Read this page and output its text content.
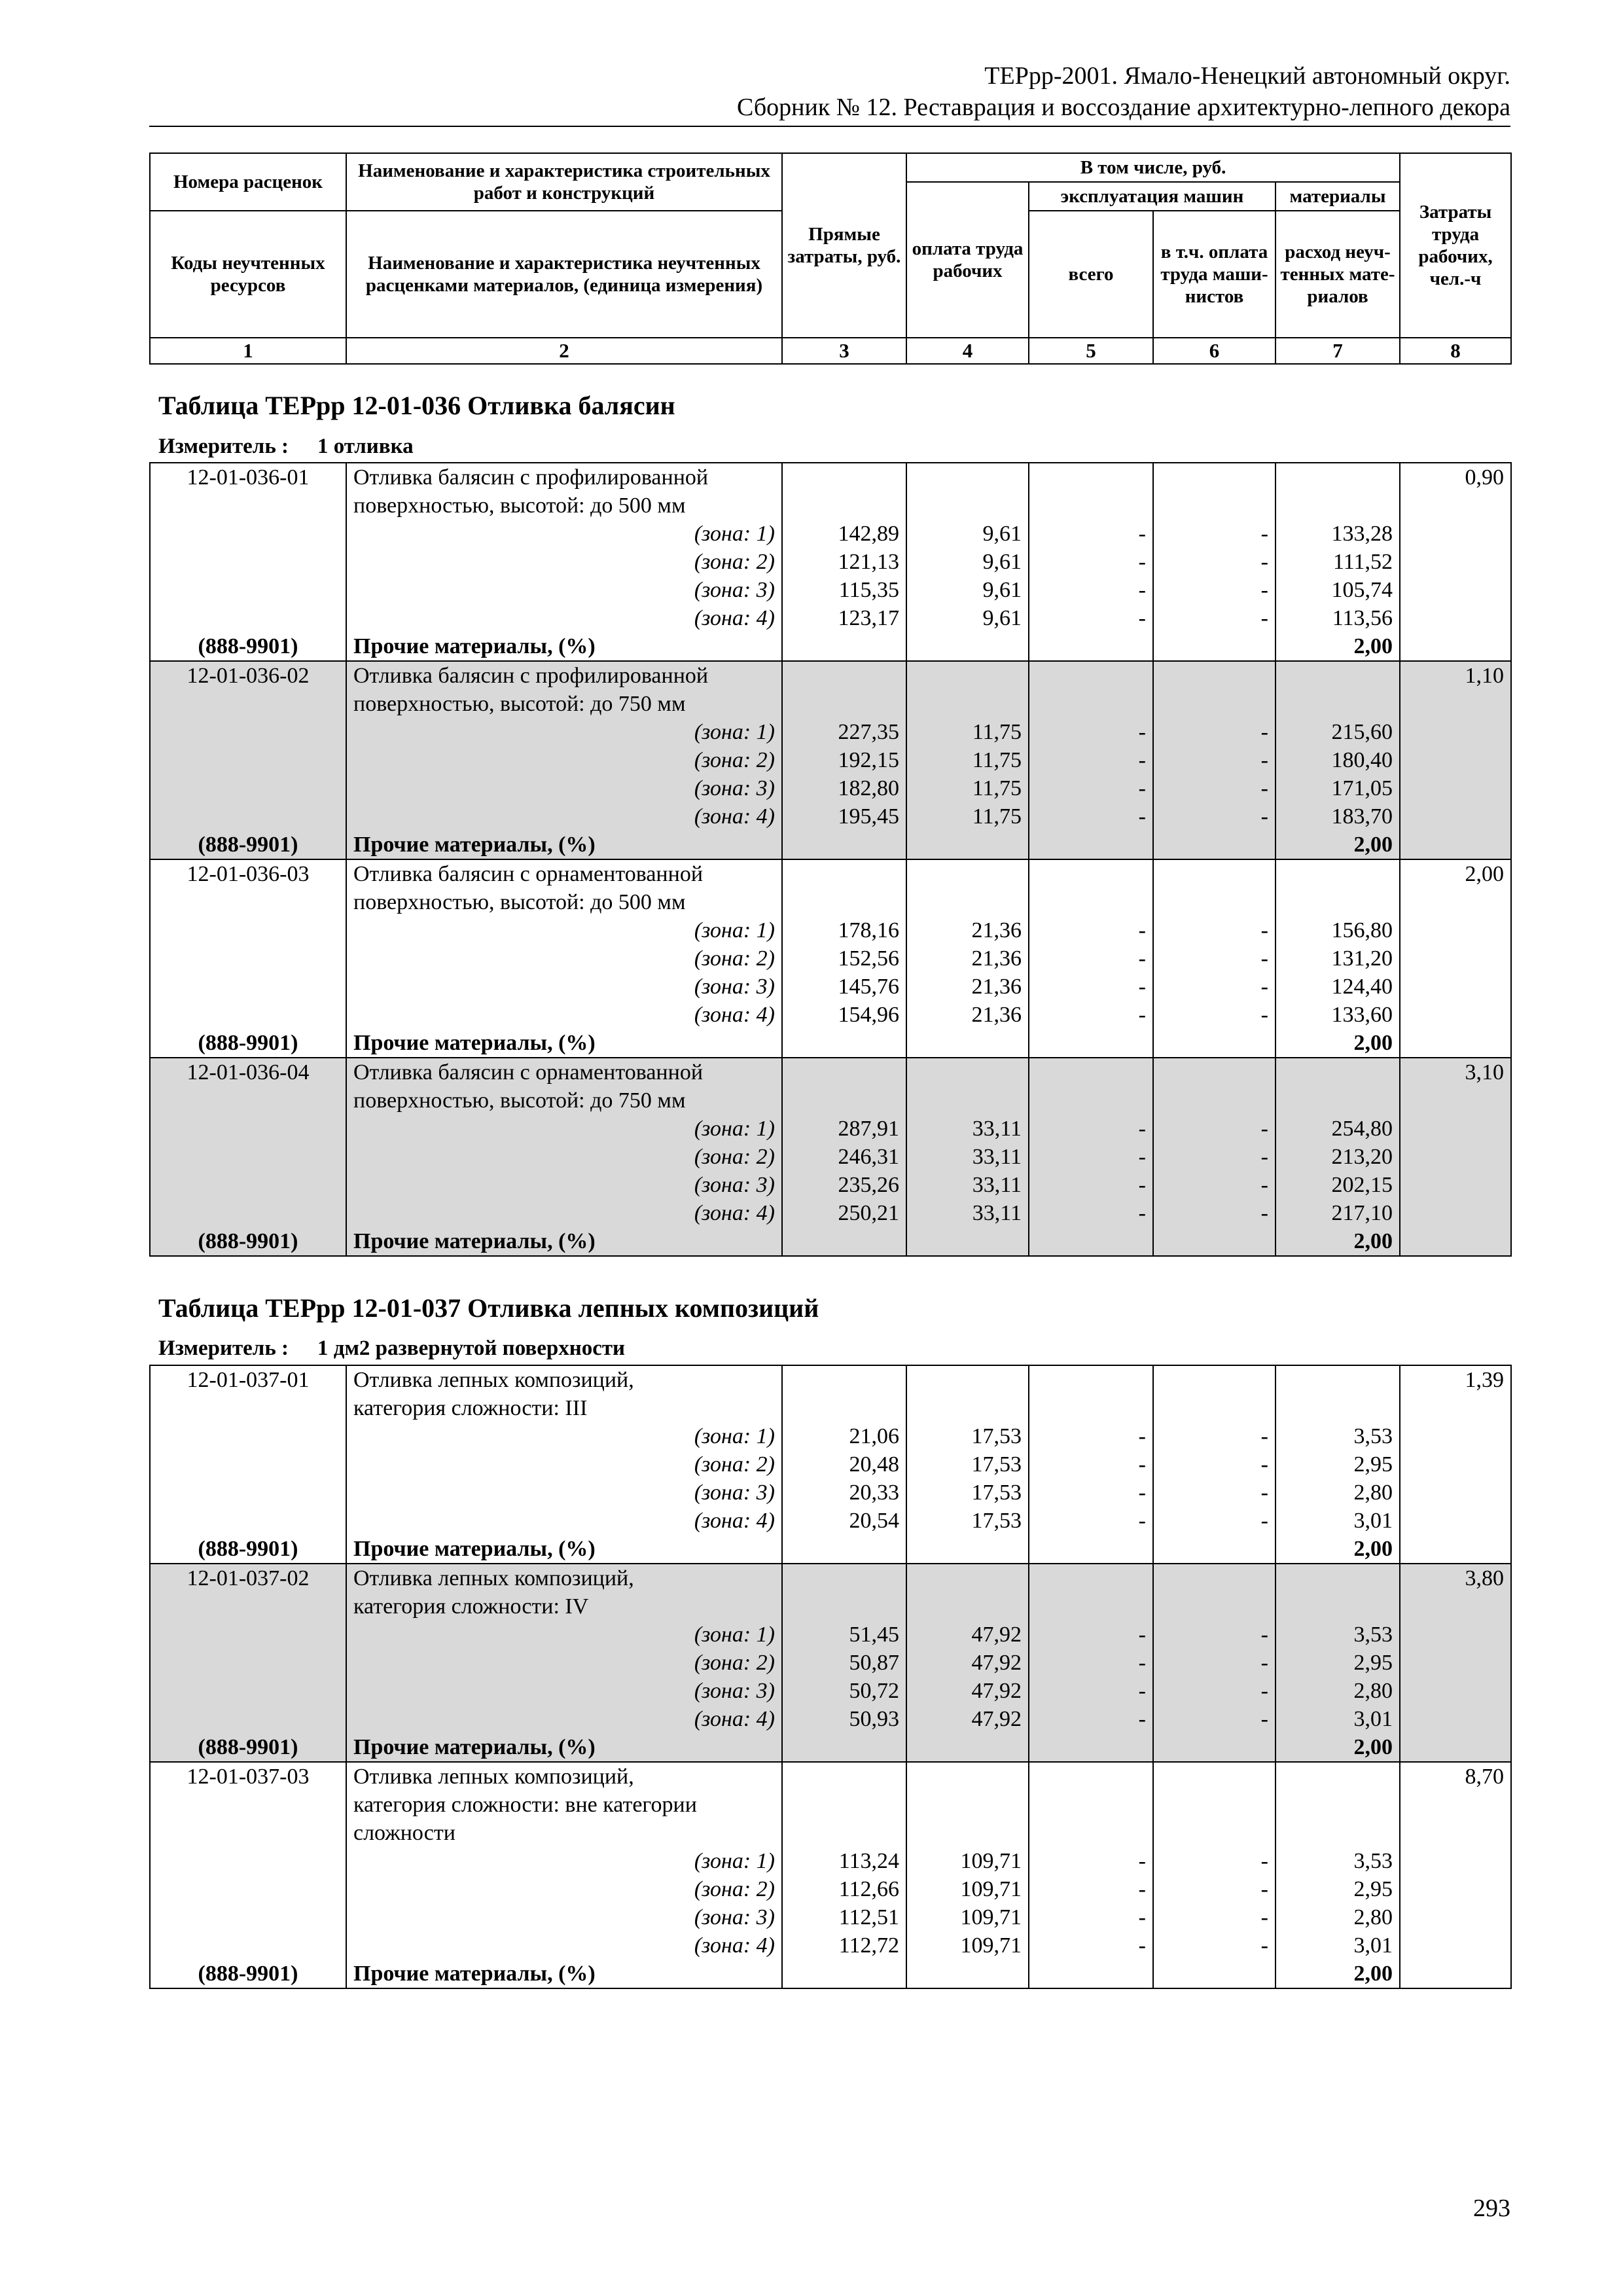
ТЕРрр-2001. Ямало-Ненецкий автономный округ.
Сборник № 12. Реставрация и воссоздание архитектурно-лепного декора
Номера расценок	Наименование и характеристика строительных работ и конструкций	Прямые затраты, руб.	В том числе, руб.				Затраты труда рабочих, чел.-ч
			оплата труда рабочих	эксплуатация машин		материалы	
Коды неучтенных ресурсов	Наименование и характеристика неучтенных расценками материалов, (единица измерения)			всего	в т.ч. оплата труда маши-нистов	расход неуч-тенных мате-риалов	
1	2	3	4	5	6	7	8
Таблица ТЕРрр 12-01-036 Отливка балясин
Измеритель : 1 отливка
12-01-036-01	Отливка балясин с профилированной						0,90
	поверхностью, высотой: до 500 мм						
	(зона: 1)	142,89	9,61	-	-	133,28	
	(зона: 2)	121,13	9,61	-	-	111,52	
	(зона: 3)	115,35	9,61	-	-	105,74	
	(зона: 4)	123,17	9,61	-	-	113,56	
(888-9901)	Прочие материалы, (%)					2,00	
12-01-036-02	Отливка балясин с профилированной						1,10
	поверхностью, высотой: до 750 мм						
	(зона: 1)	227,35	11,75	-	-	215,60	
	(зона: 2)	192,15	11,75	-	-	180,40	
	(зона: 3)	182,80	11,75	-	-	171,05	
	(зона: 4)	195,45	11,75	-	-	183,70	
(888-9901)	Прочие материалы, (%)					2,00	
12-01-036-03	Отливка балясин с орнаментованной						2,00
	поверхностью, высотой: до 500 мм						
	(зона: 1)	178,16	21,36	-	-	156,80	
	(зона: 2)	152,56	21,36	-	-	131,20	
	(зона: 3)	145,76	21,36	-	-	124,40	
	(зона: 4)	154,96	21,36	-	-	133,60	
(888-9901)	Прочие материалы, (%)					2,00	
12-01-036-04	Отливка балясин с орнаментованной						3,10
	поверхностью, высотой: до 750 мм						
	(зона: 1)	287,91	33,11	-	-	254,80	
	(зона: 2)	246,31	33,11	-	-	213,20	
	(зона: 3)	235,26	33,11	-	-	202,15	
	(зона: 4)	250,21	33,11	-	-	217,10	
(888-9901)	Прочие материалы, (%)					2,00	
Таблица ТЕРрр 12-01-037 Отливка лепных композиций
Измеритель : 1 дм2 развернутой поверхности
12-01-037-01	Отливка лепных композиций,						1,39
	категория сложности: III						
	(зона: 1)	21,06	17,53	-	-	3,53	
	(зона: 2)	20,48	17,53	-	-	2,95	
	(зона: 3)	20,33	17,53	-	-	2,80	
	(зона: 4)	20,54	17,53	-	-	3,01	
(888-9901)	Прочие материалы, (%)					2,00	
12-01-037-02	Отливка лепных композиций,						3,80
	категория сложности: IV						
	(зона: 1)	51,45	47,92	-	-	3,53	
	(зона: 2)	50,87	47,92	-	-	2,95	
	(зона: 3)	50,72	47,92	-	-	2,80	
	(зона: 4)	50,93	47,92	-	-	3,01	
(888-9901)	Прочие материалы, (%)					2,00	
12-01-037-03	Отливка лепных композиций,						8,70
	категория сложности: вне категории						
	сложности						
	(зона: 1)	113,24	109,71	-	-	3,53	
	(зона: 2)	112,66	109,71	-	-	2,95	
	(зона: 3)	112,51	109,71	-	-	2,80	
	(зона: 4)	112,72	109,71	-	-	3,01	
(888-9901)	Прочие материалы, (%)					2,00	
293
